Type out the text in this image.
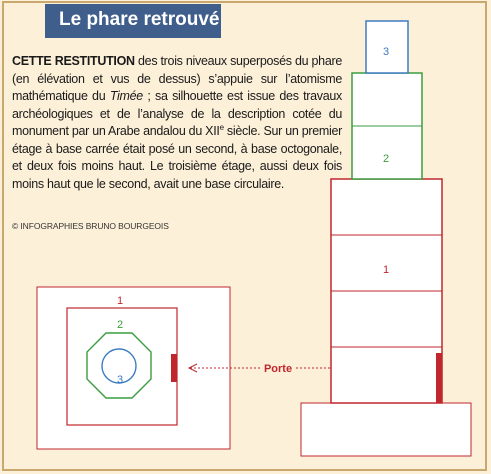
Le phare retrouvé
CETTE RESTITUTION des trois niveaux superposés du phare (en élévation et vus de dessus) s’appuie sur l’atomisme mathématique du Timée ; sa silhouette est issue des travaux archéologiques et de l’analyse de la description cotée du monument par un Arabe andalou du XIIe siècle. Sur un premier étage à base carrée était posé un second, à base octogonale, et deux fois moins haut. Le troisième étage, aussi deux fois moins haut que le second, avait une base circulaire.
© INFOGRAPHIES BRUNO BOURGEOIS
1
2
3
Porte
1
2
3
